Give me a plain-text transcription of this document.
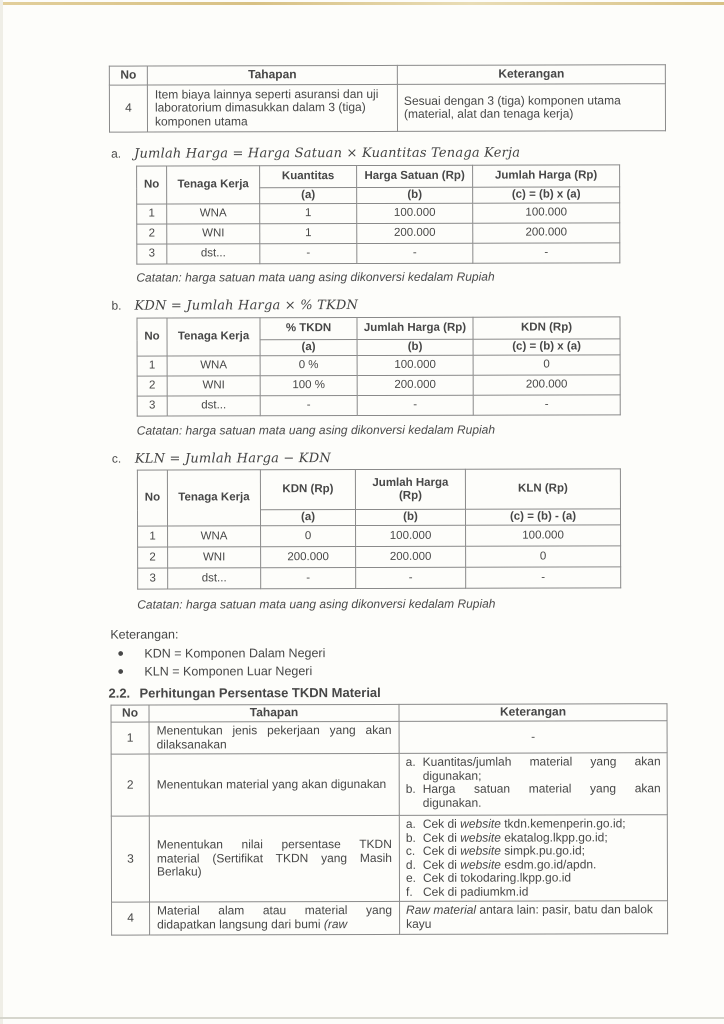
No	Tahapan	Keterangan
4	Item biaya lainnya seperti asuransi dan uji laboratorium dimasukkan dalam 3 (tiga) komponen utama	Sesuai dengan 3 (tiga) komponen utama (material, alat dan tenaga kerja)
a. Jumlah Harga = Harga Satuan × Kuantitas Tenaga Kerja
No	Tenaga Kerja	Kuantitas	Harga Satuan (Rp)	Jumlah Harga (Rp)
		(a)	(b)	(c) = (b) x (a)
1	WNA	1	100.000	100.000
2	WNI	1	200.000	200.000
3	dst...	-	-	-
Catatan: harga satuan mata uang asing dikonversi kedalam Rupiah
b. KDN = Jumlah Harga × % TKDN
No	Tenaga Kerja	% TKDN	Jumlah Harga (Rp)	KDN (Rp)
		(a)	(b)	(c) = (b) x (a)
1	WNA	0 %	100.000	0
2	WNI	100 %	200.000	200.000
3	dst...	-	-	-
Catatan: harga satuan mata uang asing dikonversi kedalam Rupiah
c. KLN = Jumlah Harga − KDN
No	Tenaga Kerja	KDN (Rp)	Jumlah Harga (Rp)	KLN (Rp)
		(a)	(b)	(c) = (b) - (a)
1	WNA	0	100.000	100.000
2	WNI	200.000	200.000	0
3	dst...	-	-	-
Catatan: harga satuan mata uang asing dikonversi kedalam Rupiah
Keterangan:
●	KDN = Komponen Dalam Negeri
●	KLN = Komponen Luar Negeri
2.2. Perhitungan Persentase TKDN Material
No	Tahapan	Keterangan
1	Menentukan jenis pekerjaan yang akan dilaksanakan	-
2	Menentukan material yang akan digunakan	a. Kuantitas/jumlah material yang akan digunakan;
b. Harga satuan material yang akan digunakan.

3	Menentukan nilai persentase TKDN material (Sertifikat TKDN yang Masih Berlaku)	
a. Cek di website tkdn.kemenperin.go.id;
b. Cek di website ekatalog.lkpp.go.id;
c. Cek di website simpk.pu.go.id;
d. Cek di website esdm.go.id/apdn.
e. Cek di tokodaring.lkpp.go.id
f. Cek di padiumkm.id

4	Material alam atau material yang didapatkan langsung dari bumi (raw	Raw material antara lain: pasir, batu dan balok kayu
